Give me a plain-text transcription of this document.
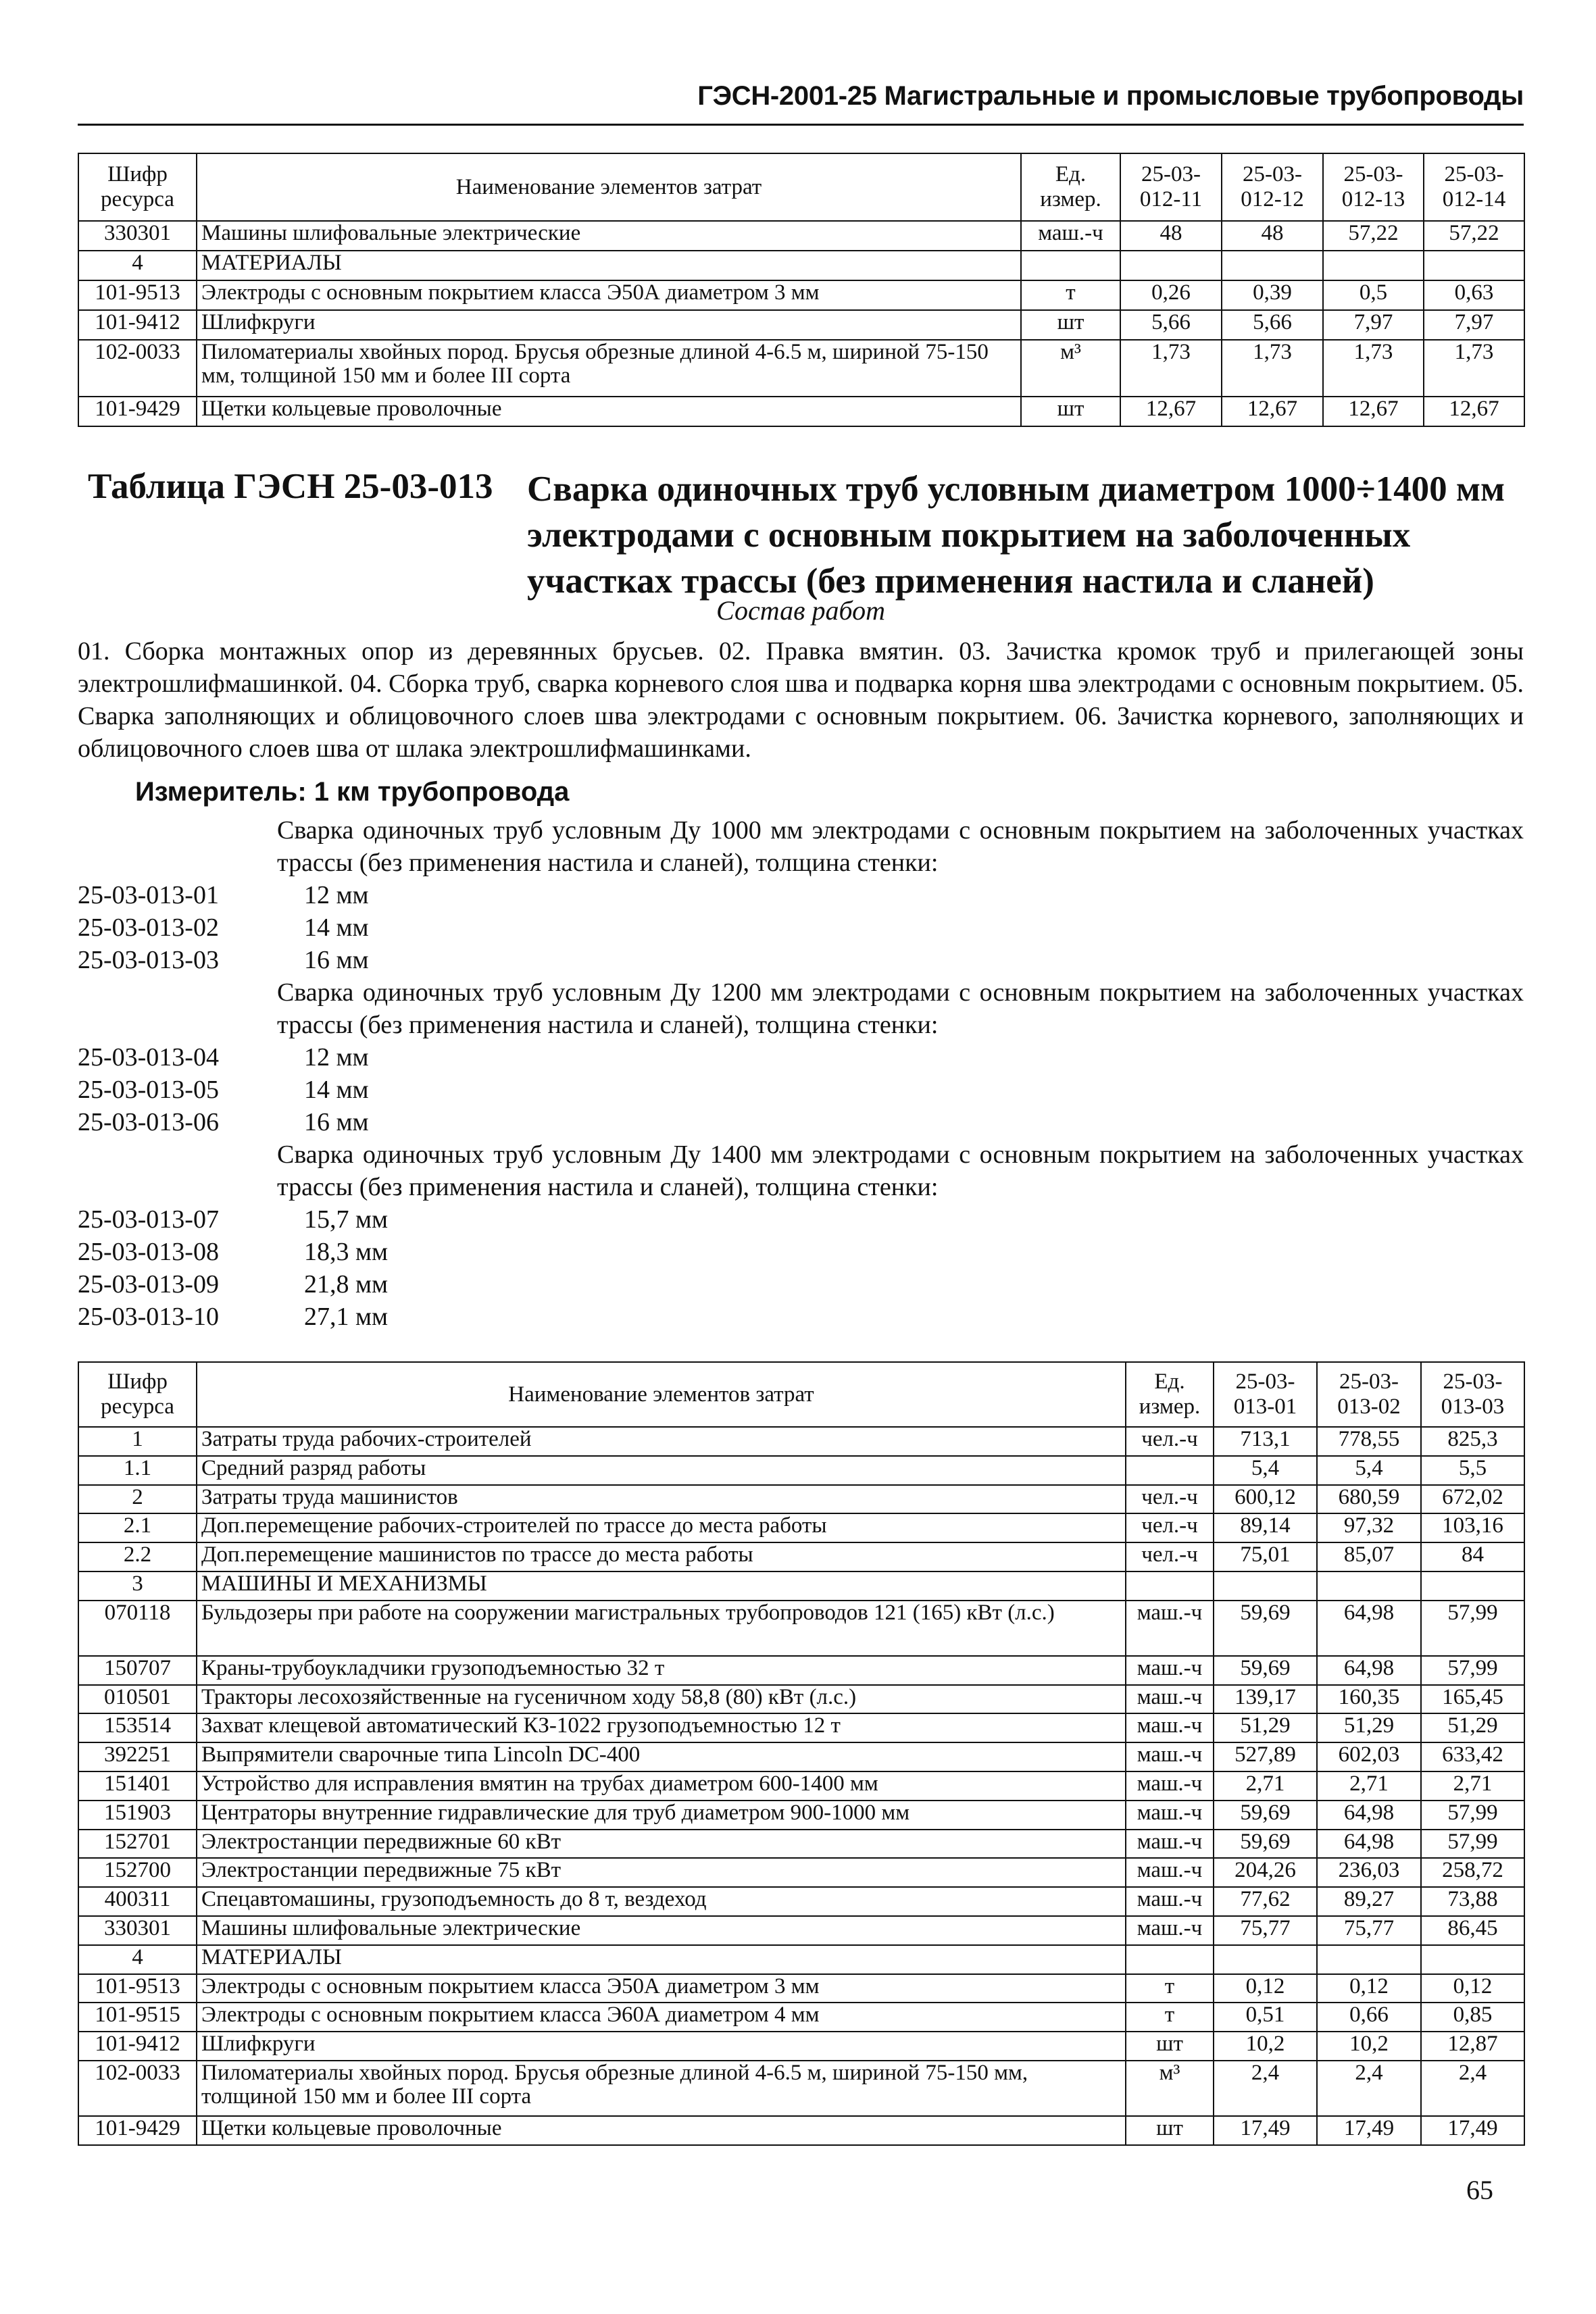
ГЭСН-2001-25 Магистральные и промысловые трубопроводы
Шифр ресурса	Наименование элементов затрат	Ед. измер.	25-03-012-11	25-03-012-12	25-03-012-13	25-03-012-14
330301	Машины шлифовальные электрические	маш.-ч	48	48	57,22	57,22
4	МАТЕРИАЛЫ					
101-9513	Электроды с основным покрытием класса Э50А диаметром 3 мм	т	0,26	0,39	0,5	0,63
101-9412	Шлифкруги	шт	5,66	5,66	7,97	7,97
102-0033	Пиломатериалы хвойных пород. Брусья обрезные длиной 4-6.5 м, шириной 75-150 мм, толщиной 150 мм и более III сорта	м³	1,73	1,73	1,73	1,73
101-9429	Щетки кольцевые проволочные	шт	12,67	12,67	12,67	12,67
Таблица ГЭСН 25-03-013 Сварка одиночных труб условным диаметром 1000÷1400 мм электродами с основным покрытием на заболоченных участках трассы (без применения настила и сланей)
Состав работ
01. Сборка монтажных опор из деревянных брусьев. 02. Правка вмятин. 03. Зачистка кромок труб и прилегающей зоны электрошлифмашинкой. 04. Сборка труб, сварка корневого слоя шва и подварка корня шва электродами с основным покрытием. 05. Сварка заполняющих и облицовочного слоев шва электродами с основным покрытием. 06. Зачистка корневого, заполняющих и облицовочного слоев шва от шлака электрошлифмашинками.
Измеритель: 1 км трубопровода
Сварка одиночных труб условным Ду 1000 мм электродами с основным покрытием на заболоченных участках трассы (без применения настила и сланей), толщина стенки:
25-03-013-01	12 мм
25-03-013-02	14 мм
25-03-013-03	16 мм
Сварка одиночных труб условным Ду 1200 мм электродами с основным покрытием на заболоченных участках трассы (без применения настила и сланей), толщина стенки:
25-03-013-04	12 мм
25-03-013-05	14 мм
25-03-013-06	16 мм
Сварка одиночных труб условным Ду 1400 мм электродами с основным покрытием на заболоченных участках трассы (без применения настила и сланей), толщина стенки:
25-03-013-07	15,7 мм
25-03-013-08	18,3 мм
25-03-013-09	21,8 мм
25-03-013-10	27,1 мм
Шифр ресурса	Наименование элементов затрат	Ед. измер.	25-03-013-01	25-03-013-02	25-03-013-03
1	Затраты труда рабочих-строителей	чел.-ч	713,1	778,55	825,3
1.1	Средний разряд работы		5,4	5,4	5,5
2	Затраты труда машинистов	чел.-ч	600,12	680,59	672,02
2.1	Доп.перемещение рабочих-строителей по трассе до места работы	чел.-ч	89,14	97,32	103,16
2.2	Доп.перемещение машинистов по трассе до места работы	чел.-ч	75,01	85,07	84
3	МАШИНЫ И МЕХАНИЗМЫ				
070118	Бульдозеры при работе на сооружении магистральных трубопроводов 121 (165) кВт (л.с.)	маш.-ч	59,69	64,98	57,99
150707	Краны-трубоукладчики грузоподъемностью 32 т	маш.-ч	59,69	64,98	57,99
010501	Тракторы лесохозяйственные на гусеничном ходу 58,8 (80) кВт (л.с.)	маш.-ч	139,17	160,35	165,45
153514	Захват клещевой автоматический КЗ-1022 грузоподъемностью 12 т	маш.-ч	51,29	51,29	51,29
392251	Выпрямители сварочные типа Lincoln DC-400	маш.-ч	527,89	602,03	633,42
151401	Устройство для исправления вмятин на трубах диаметром 600-1400 мм	маш.-ч	2,71	2,71	2,71
151903	Центраторы внутренние гидравлические для труб диаметром 900-1000 мм	маш.-ч	59,69	64,98	57,99
152701	Электростанции передвижные 60 кВт	маш.-ч	59,69	64,98	57,99
152700	Электростанции передвижные 75 кВт	маш.-ч	204,26	236,03	258,72
400311	Спецавтомашины, грузоподъемность до 8 т, вездеход	маш.-ч	77,62	89,27	73,88
330301	Машины шлифовальные электрические	маш.-ч	75,77	75,77	86,45
4	МАТЕРИАЛЫ				
101-9513	Электроды с основным покрытием класса Э50А диаметром 3 мм	т	0,12	0,12	0,12
101-9515	Электроды с основным покрытием класса Э60А диаметром 4 мм	т	0,51	0,66	0,85
101-9412	Шлифкруги	шт	10,2	10,2	12,87
102-0033	Пиломатериалы хвойных пород. Брусья обрезные длиной 4-6.5 м, шириной 75-150 мм, толщиной 150 мм и более III сорта	м³	2,4	2,4	2,4
101-9429	Щетки кольцевые проволочные	шт	17,49	17,49	17,49
65
